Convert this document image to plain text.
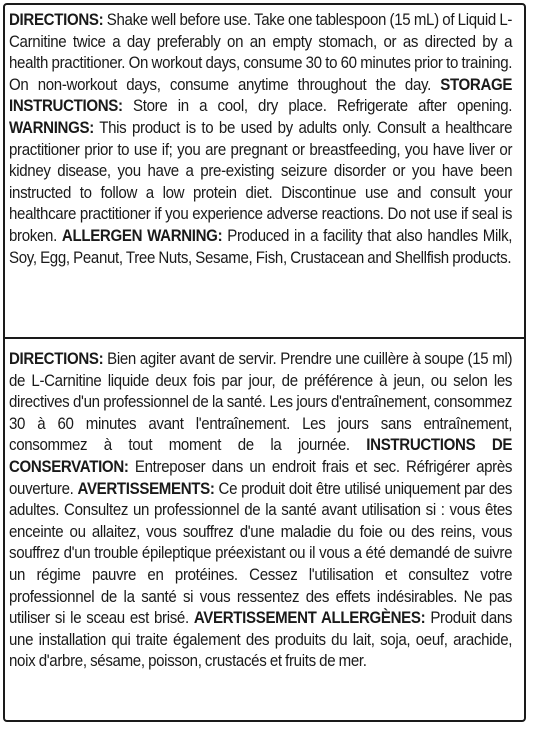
DIRECTIONS: Shake well before use. Take one tablespoon (15 mL) of Liquid L-Carnitine twice a day preferably on an empty stomach, or as directed by a health practitioner. On workout days, consume 30 to 60 minutes prior to training. On non-workout days, consume anytime throughout the day. STORAGE INSTRUCTIONS: Store in a cool, dry place. Refrigerate after opening. WARNINGS: This product is to be used by adults only. Consult a healthcare practitioner prior to use if; you are pregnant or breastfeeding, you have liver or kidney disease, you have a pre-existing seizure disorder or you have been instructed to follow a low protein diet. Discontinue use and consult your healthcare practitioner if you experience adverse reactions. Do not use if seal is broken. ALLERGEN WARNING: Produced in a facility that also handles Milk, Soy, Egg, Peanut, Tree Nuts, Sesame, Fish, Crustacean and Shellfish products.

DIRECTIONS: Bien agiter avant de servir. Prendre une cuillère à soupe (15 ml) de L-Carnitine liquide deux fois par jour, de préférence à jeun, ou selon les directives d'un professionnel de la santé. Les jours d'entraînement, consommez 30 à 60 minutes avant l'entraînement. Les jours sans entraînement, consommez à tout moment de la journée. INSTRUCTIONS DE CONSERVATION: Entreposer dans un endroit frais et sec. Réfrigérer après ouverture. AVERTISSEMENTS: Ce produit doit être utilisé uniquement par des adultes. Consultez un professionnel de la santé avant utilisation si : vous êtes enceinte ou allaitez, vous souffrez d'une maladie du foie ou des reins, vous souffrez d'un trouble épileptique préexistant ou il vous a été demandé de suivre un régime pauvre en protéines. Cessez l'utilisation et consultez votre professionnel de la santé si vous ressentez des effets indésirables. Ne pas utiliser si le sceau est brisé. AVERTISSEMENT ALLERGÈNES: Produit dans une installation qui traite également des produits du lait, soja, oeuf, arachide, noix d'arbre, sésame, poisson, crustacés et fruits de mer.
